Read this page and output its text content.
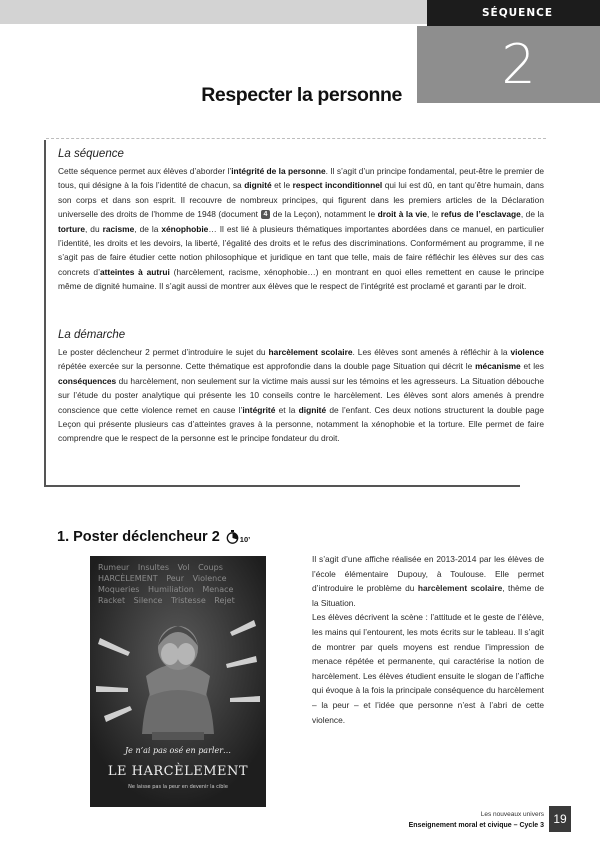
SÉQUENCE
2
Respecter la personne
La séquence

Cette séquence permet aux élèves d’aborder l’intégrité de la personne. Il s’agit d’un principe fondamental, peut-être le premier de tous, qui désigne à la fois l’identité de chacun, sa dignité et le respect inconditionnel qui lui est dû, en tant qu’être humain, dans son corps et dans son esprit. Il recouvre de nombreux principes, qui figurent dans les premiers articles de la Déclaration universelle des droits de l’homme de 1948 (document 4 de la Leçon), notamment le droit à la vie, le refus de l’esclavage, de la torture, du racisme, de la xénophobie… Il est lié à plusieurs thématiques importantes abordées dans ce manuel, en particulier l’identité, les droits et les devoirs, la liberté, l’égalité des droits et le refus des discriminations. Conformément au programme, il ne s’agit pas de faire étudier cette notion philosophique et juridique en tant que telle, mais de faire réfléchir les élèves sur des cas concrets d’atteintes à autrui (harcèlement, racisme, xénophobie…) en montrant en quoi elles remettent en cause le principe même de dignité humaine. Il s’agit aussi de montrer aux élèves que le respect de l’intégrité est proclamé et garanti par le droit.

La démarche

Le poster déclencheur 2 permet d’introduire le sujet du harcèlement scolaire. Les élèves sont amenés à réfléchir à la violence répétée exercée sur la personne. Cette thématique est approfondie dans la double page Situation qui décrit le mécanisme et les conséquences du harcèlement, non seulement sur la victime mais aussi sur les témoins et les agresseurs. La Situation débouche sur l’étude du poster analytique qui présente les 10 conseils contre le harcèlement. Les élèves sont alors amenés à prendre conscience que cette violence remet en cause l’intégrité et la dignité de l’enfant. Ces deux notions structurent la double page Leçon qui présente plusieurs cas d’atteintes graves à la personne, notamment la xénophobie et la torture. Elle permet de faire comprendre que le respect de la personne est le principe fondateur du droit.

1. Poster déclencheur 2	10’
Rumeur Insultes Vol Coups HARCÈLEMENT Peur Violence Moqueries Humiliation Menace Racket Silence Tristesse Rejet
Je n’ai pas osé en parler…
LE HARCÈLEMENT
Ne laisse pas la peur en devenir la cible

Il s’agit d’une affiche réalisée en 2013-2014 par les élèves de l’école élémentaire Dupouy, à Toulouse. Elle permet d’introduire le problème du harcèlement scolaire, thème de la Situation.

Les élèves décrivent la scène : l’attitude et le geste de l’élève, les mains qui l’entourent, les mots écrits sur le tableau. Il s’agit de montrer par quels moyens est rendue l’impression de menace répétée et permanente, qui caractérise la notion de harcèlement. Les élèves étudient ensuite le slogan de l’affiche qui évoque à la fois la principale conséquence du harcèlement – la peur – et l’idée que personne n’est à l’abri de cette violence.

Les nouveaux univers
Enseignement moral et civique – Cycle 3 19
